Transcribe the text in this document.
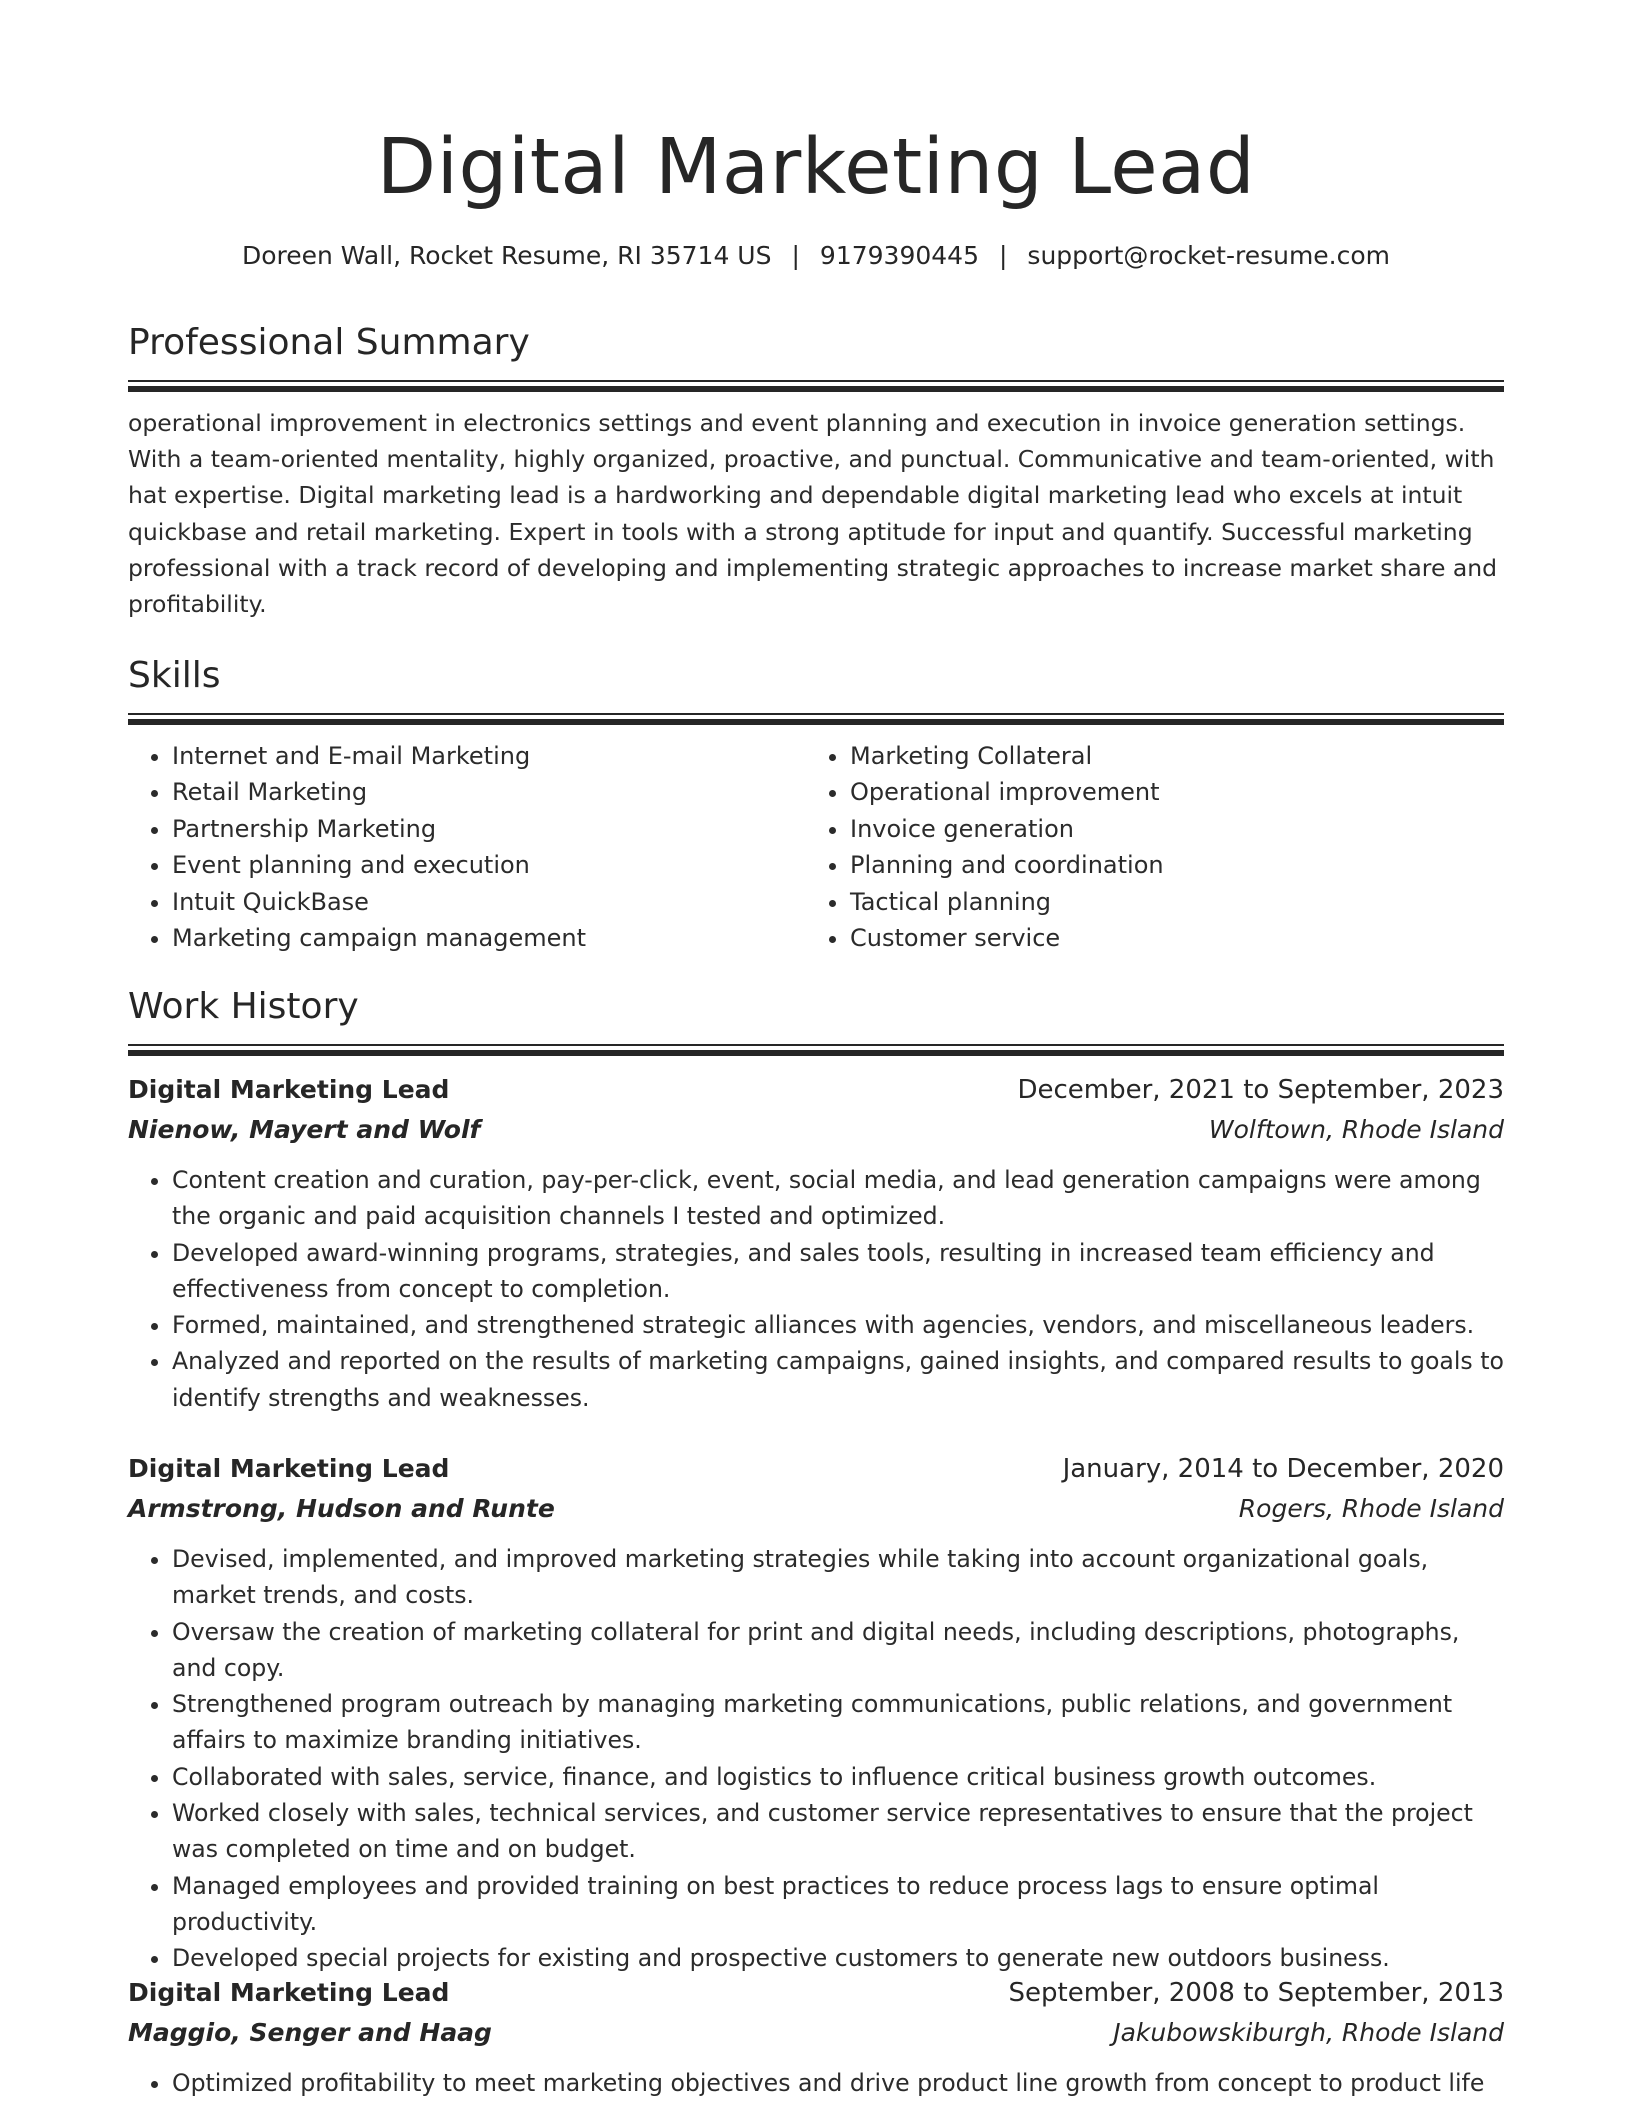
Digital Marketing Lead
Doreen Wall, Rocket Resume, RI 35714 US | 9179390445 | support@rocket-resume.com
Professional Summary
operational improvement in electronics settings and event planning and execution in invoice generation settings. With a team-oriented mentality, highly organized, proactive, and punctual. Communicative and team-oriented, with hat expertise. Digital marketing lead is a hardworking and dependable digital marketing lead who excels at intuit quickbase and retail marketing. Expert in tools with a strong aptitude for input and quantify. Successful marketing professional with a track record of developing and implementing strategic approaches to increase market share and profitability.
Skills
• Internet and E-mail Marketing
• Retail Marketing
• Partnership Marketing
• Event planning and execution
• Intuit QuickBase
• Marketing campaign management
• Marketing Collateral
• Operational improvement
• Invoice generation
• Planning and coordination
• Tactical planning
• Customer service
Work History
Digital Marketing Lead	December, 2021 to September, 2023
Nienow, Mayert and Wolf	Wolftown, Rhode Island
• Content creation and curation, pay-per-click, event, social media, and lead generation campaigns were among the organic and paid acquisition channels I tested and optimized.
• Developed award-winning programs, strategies, and sales tools, resulting in increased team efficiency and effectiveness from concept to completion.
• Formed, maintained, and strengthened strategic alliances with agencies, vendors, and miscellaneous leaders.
• Analyzed and reported on the results of marketing campaigns, gained insights, and compared results to goals to identify strengths and weaknesses.
Digital Marketing Lead	January, 2014 to December, 2020
Armstrong, Hudson and Runte	Rogers, Rhode Island
• Devised, implemented, and improved marketing strategies while taking into account organizational goals, market trends, and costs.
• Oversaw the creation of marketing collateral for print and digital needs, including descriptions, photographs, and copy.
• Strengthened program outreach by managing marketing communications, public relations, and government affairs to maximize branding initiatives.
• Collaborated with sales, service, finance, and logistics to influence critical business growth outcomes.
• Worked closely with sales, technical services, and customer service representatives to ensure that the project was completed on time and on budget.
• Managed employees and provided training on best practices to reduce process lags to ensure optimal productivity.
• Developed special projects for existing and prospective customers to generate new outdoors business.
Digital Marketing Lead	September, 2008 to September, 2013
Maggio, Senger and Haag	Jakubowskiburgh, Rhode Island
• Optimized profitability to meet marketing objectives and drive product line growth from concept to product life
